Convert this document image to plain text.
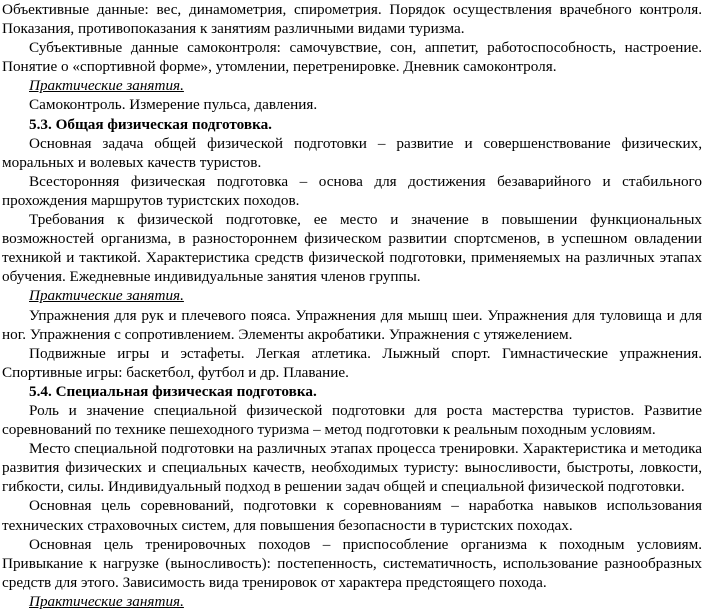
Объективные данные: вес, динамометрия, спирометрия. Порядок осуществления врачебного контроля. Показания, противопоказания к занятиям различными видами туризма.

Субъективные данные самоконтроля: самочувствие, сон, аппетит, работоспособность, настроение. Понятие о «спортивной форме», утомлении, перетренировке. Дневник самоконтроля.

Практические занятия.

Самоконтроль. Измерение пульса, давления.

5.3. Общая физическая подготовка.

Основная задача общей физической подготовки – развитие и совершенствование физических, моральных и волевых качеств туристов.

Всесторонняя физическая подготовка – основа для достижения безаварийного и стабильного прохождения маршрутов туристских походов.

Требования к физической подготовке, ее место и значение в повышении функциональных возможностей организма, в разностороннем физическом развитии спортсменов, в успешном овладении техникой и тактикой. Характеристика средств физической подготовки, применяемых на различных этапах обучения. Ежедневные индивидуальные занятия членов группы.

Практические занятия.

Упражнения для рук и плечевого пояса. Упражнения для мышц шеи. Упражнения для туловища и для ног. Упражнения с сопротивлением. Элементы акробатики. Упражнения с утяжелением.

Подвижные игры и эстафеты. Легкая атлетика. Лыжный спорт. Гимнастические упражнения. Спортивные игры: баскетбол, футбол и др. Плавание.

5.4. Специальная физическая подготовка.

Роль и значение специальной физической подготовки для роста мастерства туристов. Развитие соревнований по технике пешеходного туризма – метод подготовки к реальным походным условиям.

Место специальной подготовки на различных этапах процесса тренировки. Характеристика и методика развития физических и специальных качеств, необходимых туристу: выносливости, быстроты, ловкости, гибкости, силы. Индивидуальный подход в решении задач общей и специальной физической подготовки.

Основная цель соревнований, подготовки к соревнованиям – наработка навыков использования технических страховочных систем, для повышения безопасности в туристских походах.

Основная цель тренировочных походов – приспособление организма к походным условиям. Привыкание к нагрузке (выносливость): постепенность, систематичность, использование разнообразных средств для этого. Зависимость вида тренировок от характера предстоящего похода.

Практические занятия.
